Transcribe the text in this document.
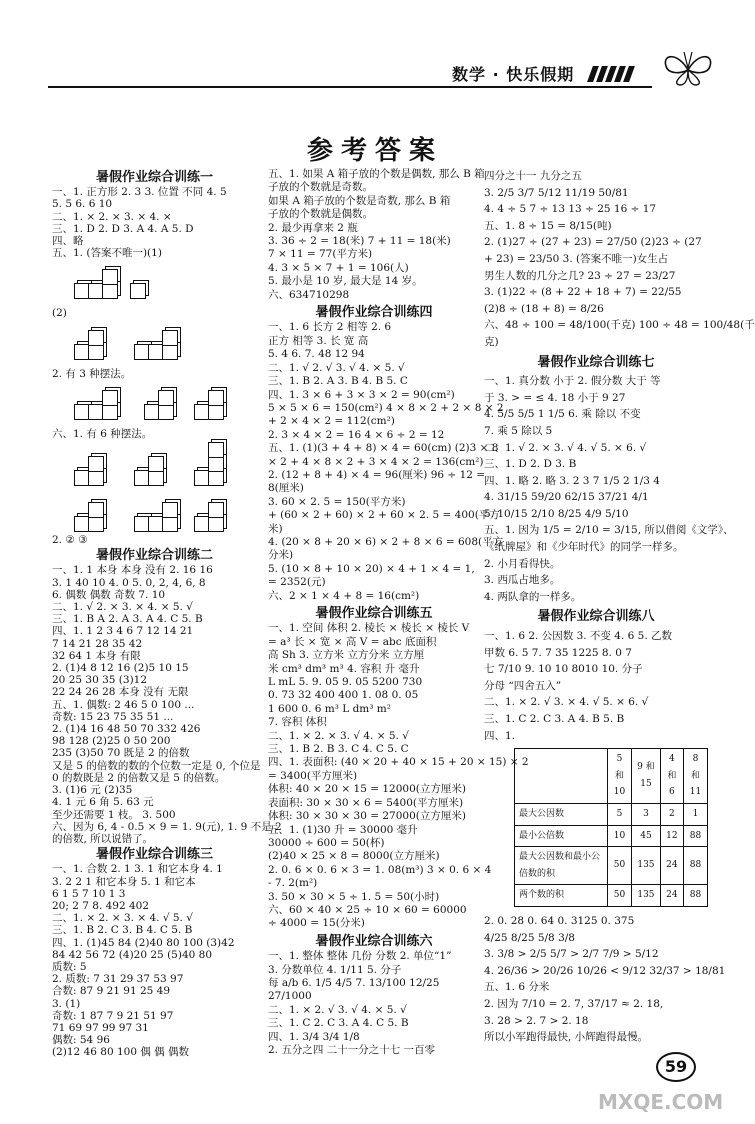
数学 · 快乐假期
参考答案
暑假作业综合训练一
一、1. 正方形 2. 3 3. 位置 不同 4. 5
5. 5 6. 6 10
二、1. × 2. × 3. × 4. ×
三、1. D 2. D 3. A 4. A 5. D
四、略
五、1. (答案不唯一)(1)
(2)
2. 有 3 种摆法。
六、1. 有 6 种摆法。
2. ② ③
暑假作业综合训练二
一、1. 1 本身 本身 没有 2. 16 16
3. 1 40 10 4. 0 5. 0, 2, 4, 6, 8
6. 偶数 偶数 奇数 7. 10
二、1. √ 2. × 3. × 4. × 5. √
三、1. B A 2. A 3. A 4. C 5. B
四、1. 1 2 3 4 6 7 12 14 21
7 14 21 28 35 42
32 64 1 本身 有限
2. (1)4 8 12 16 (2)5 10 15
20 25 30 35 (3)12
22 24 26 28 本身 没有 无限
五、1. 偶数: 2 46 5 0 100 ...
奇数: 15 23 75 35 51 ...
2. (1)4 16 48 50 70 332 426
98 128 (2)25 0 50 200
235 (3)50 70 既是 2 的倍数
又是 5 的倍数的数的个位数一定是 0, 个位是
0 的数既是 2 的倍数又是 5 的倍数。
3. (1)6 元 (2)35
4. 1 元 6 角 5. 63 元
至少还需要 1 枝。 3. 500
六、因为 6, 4 - 0.5 × 9 = 1. 9(元), 1. 9 不是 2
的倍数, 所以说错了。
暑假作业综合训练三
一、1. 合数 2. 1 3. 1 和它本身 4. 1
3. 2 2 1 和它本身 5. 1 和它本
6 1 5 7 10 1 3
20; 2 7 8. 492 402
二、1. × 2. × 3. × 4. √ 5. √
三、1. B 2. C 3. B 4. C 5. B
四、1. (1)45 84 (2)40 80 100 (3)42
84 42 56 72 (4)20 25 (5)40 80
质数: 5
2. 质数: 7 31 29 37 53 97
合数: 87 9 21 91 25 49
3. (1)
奇数: 1 87 7 9 21 51 97
71 69 97 99 97 31
偶数: 54 96
(2)12 46 80 100 偶 偶 偶数
五、1. 如果 A 箱子放的个数是偶数, 那么 B 箱
子放的个数就是奇数。
如果 A 箱子放的个数是奇数, 那么 B 箱
子放的个数就是偶数。
2. 最少再拿来 2 瓶
3. 36 ÷ 2 = 18(米) 7 + 11 = 18(米)
7 × 11 = 77(平方米)
4. 3 × 5 × 7 + 1 = 106(人)
5. 最小是 10 岁, 最大是 14 岁。
六、634710298
暑假作业综合训练四
一、1. 6 长方 2 相等 2. 6
正方 相等 3. 长 宽 高
5. 4 6. 7. 48 12 94
二、1. √ 2. √ 3. √ 4. × 5. √
三、1. B 2. A 3. B 4. B 5. C
四、1. 3 × 6 + 3 × 3 × 2 = 90(cm²)
5 × 5 × 6 = 150(cm²) 4 × 8 × 2 + 2 × 8 × 2
+ 2 × 4 × 2 = 112(cm²)
2. 3 × 4 × 2 = 16 4 × 6 ÷ 2 = 12
五、1. (1)(3 + 4 + 8) × 4 = 60(cm) (2)3 × 8
× 2 + 4 × 8 × 2 + 3 × 4 × 2 = 136(cm²)
2. (12 + 8 + 4) × 4 = 96(厘米) 96 ÷ 12 =
8(厘米)
3. 60 × 2. 5 = 150(平方米)
+ (60 × 2 + 60) × 2 + 60 × 2. 5 = 400(平方
米)
4. (20 × 8 + 20 × 6) × 2 + 8 × 6 = 608(平方
分米)
5. (10 × 8 + 10 × 20) × 4 + 1 × 4 = 1,
= 2352(元)
六、2 × 1 × 4 + 8 = 16(cm²)
暑假作业综合训练五
一、1. 空间 体积 2. 棱长 × 棱长 × 棱长 V
= a³ 长 × 宽 × 高 V = abc 底面积
高 Sh 3. 立方米 立方分米 立方厘
米 cm³ dm³ m³ 4. 容积 升 毫升
L mL 5. 9. 05 9. 05 5200 730
0. 73 32 400 400 1. 08 0. 05
1 600 0. 6 m³ L dm³ m²
7. 容积 体积
二、1. × 2. × 3. √ 4. × 5. √
三、1. B 2. B 3. C 4. C 5. C
四、1. 表面积: (40 × 20 + 40 × 15 + 20 × 15) × 2
= 3400(平方厘米)
体积: 40 × 20 × 15 = 12000(立方厘米)
表面积: 30 × 30 × 6 = 5400(平方厘米)
体积: 30 × 30 × 30 = 27000(立方厘米)
五、1. (1)30 升 = 30000 毫升
30000 ÷ 600 = 50(杯)
(2)40 × 25 × 8 = 8000(立方厘米)
2. 0. 6 × 0. 6 × 3 = 1. 08(m³) 3 × 0. 6 × 4
- 7. 2(m²)
3. 50 × 30 × 5 ÷ 1. 5 = 50(小时)
六、60 × 40 × 25 ÷ 10 × 60 = 60000
÷ 4000 = 15(分米)
暑假作业综合训练六
一、1. 整体 整体 几份 分数 2. 单位“1”
3. 分数单位 4. 1/11 5. 分子
每 a/b 6. 1/5 4/5 7. 13/100 12/25
27/1000
二、1. × 2. √ 3. √ 4. × 5. √
三、1. C 2. C 3. A 4. C 5. B
四、1. 3/4 3/4 1/8
2. 五分之四 二十一分之十七 一百零
四分之十一 九分之五
3. 2/5 3/7 5/12 11/19 50/81
4. 4 ÷ 5 7 ÷ 13 13 ÷ 25 16 ÷ 17
五、1. 8 ÷ 15 = 8/15(吨)
2. (1)27 ÷ (27 + 23) = 27/50 (2)23 ÷ (27
+ 23) = 23/50 3. (答案不唯一)女生占
男生人数的几分之几? 23 ÷ 27 = 23/27
3. (1)22 ÷ (8 + 22 + 18 + 7) = 22/55
(2)8 ÷ (18 + 8) = 8/26
六、48 ÷ 100 = 48/100(千克) 100 ÷ 48 = 100/48(千
克)
暑假作业综合训练七
一、1. 真分数 小于 2. 假分数 大于 等
于 3. > = ≤ 4. 18 小于 9 27
4. 5/5 5/5 1 1/5 6. 乘 除以 不变
7. 乘 5 除以 5
二、1. √ 2. × 3. √ 4. √ 5. × 6. √
三、1. D 2. D 3. B
四、1. 略 2. 略 3. 2 3 7 1/5 2 1/3 4
4. 31/15 59/20 62/15 37/21 4/1
5. 10/15 2/10 8/25 4/9 5/10
五、1. 因为 1/5 = 2/10 = 3/15, 所以借阅《文学》、
《纸牌屋》和《少年时代》的同学一样多。
2. 小月看得快。
3. 西瓜占地多。
4. 两队拿的一样多。
暑假作业综合训练八
一、1. 6 2. 公因数 3. 不变 4. 6 5. 乙数
甲数 6. 5 7. 7 35 1225 8. 0 7
七 7/10 9. 10 10 8010 10. 分子
分母 “四舍五入”
二、1. × 2. √ 3. × 4. √ 5. × 6. √
三、1. C 2. C 3. A 4. B 5. B
四、1.
	5 和 10	9 和 15	4 和 6	8 和 11
最大公因数	5	3	2	1
最小公倍数	10	45	12	88
最大公因数和最小公倍数的积	50	135	24	88
两个数的积	50	135	24	88
2. 0. 28 0. 64 0. 3125 0. 375
4/25 8/25 5/8 3/8
3. 3/8 > 2/5 5/7 > 2/7 7/9 > 5/12
4. 26/36 > 20/26 10/26 < 9/12 32/37 > 18/81
五、1. 6 分米
2. 因为 7/10 = 2. 7, 37/17 ≈ 2. 18,
3. 28 > 2. 7 > 2. 18
所以小军跑得最快, 小辉跑得最慢。
59
MXQE.COM
